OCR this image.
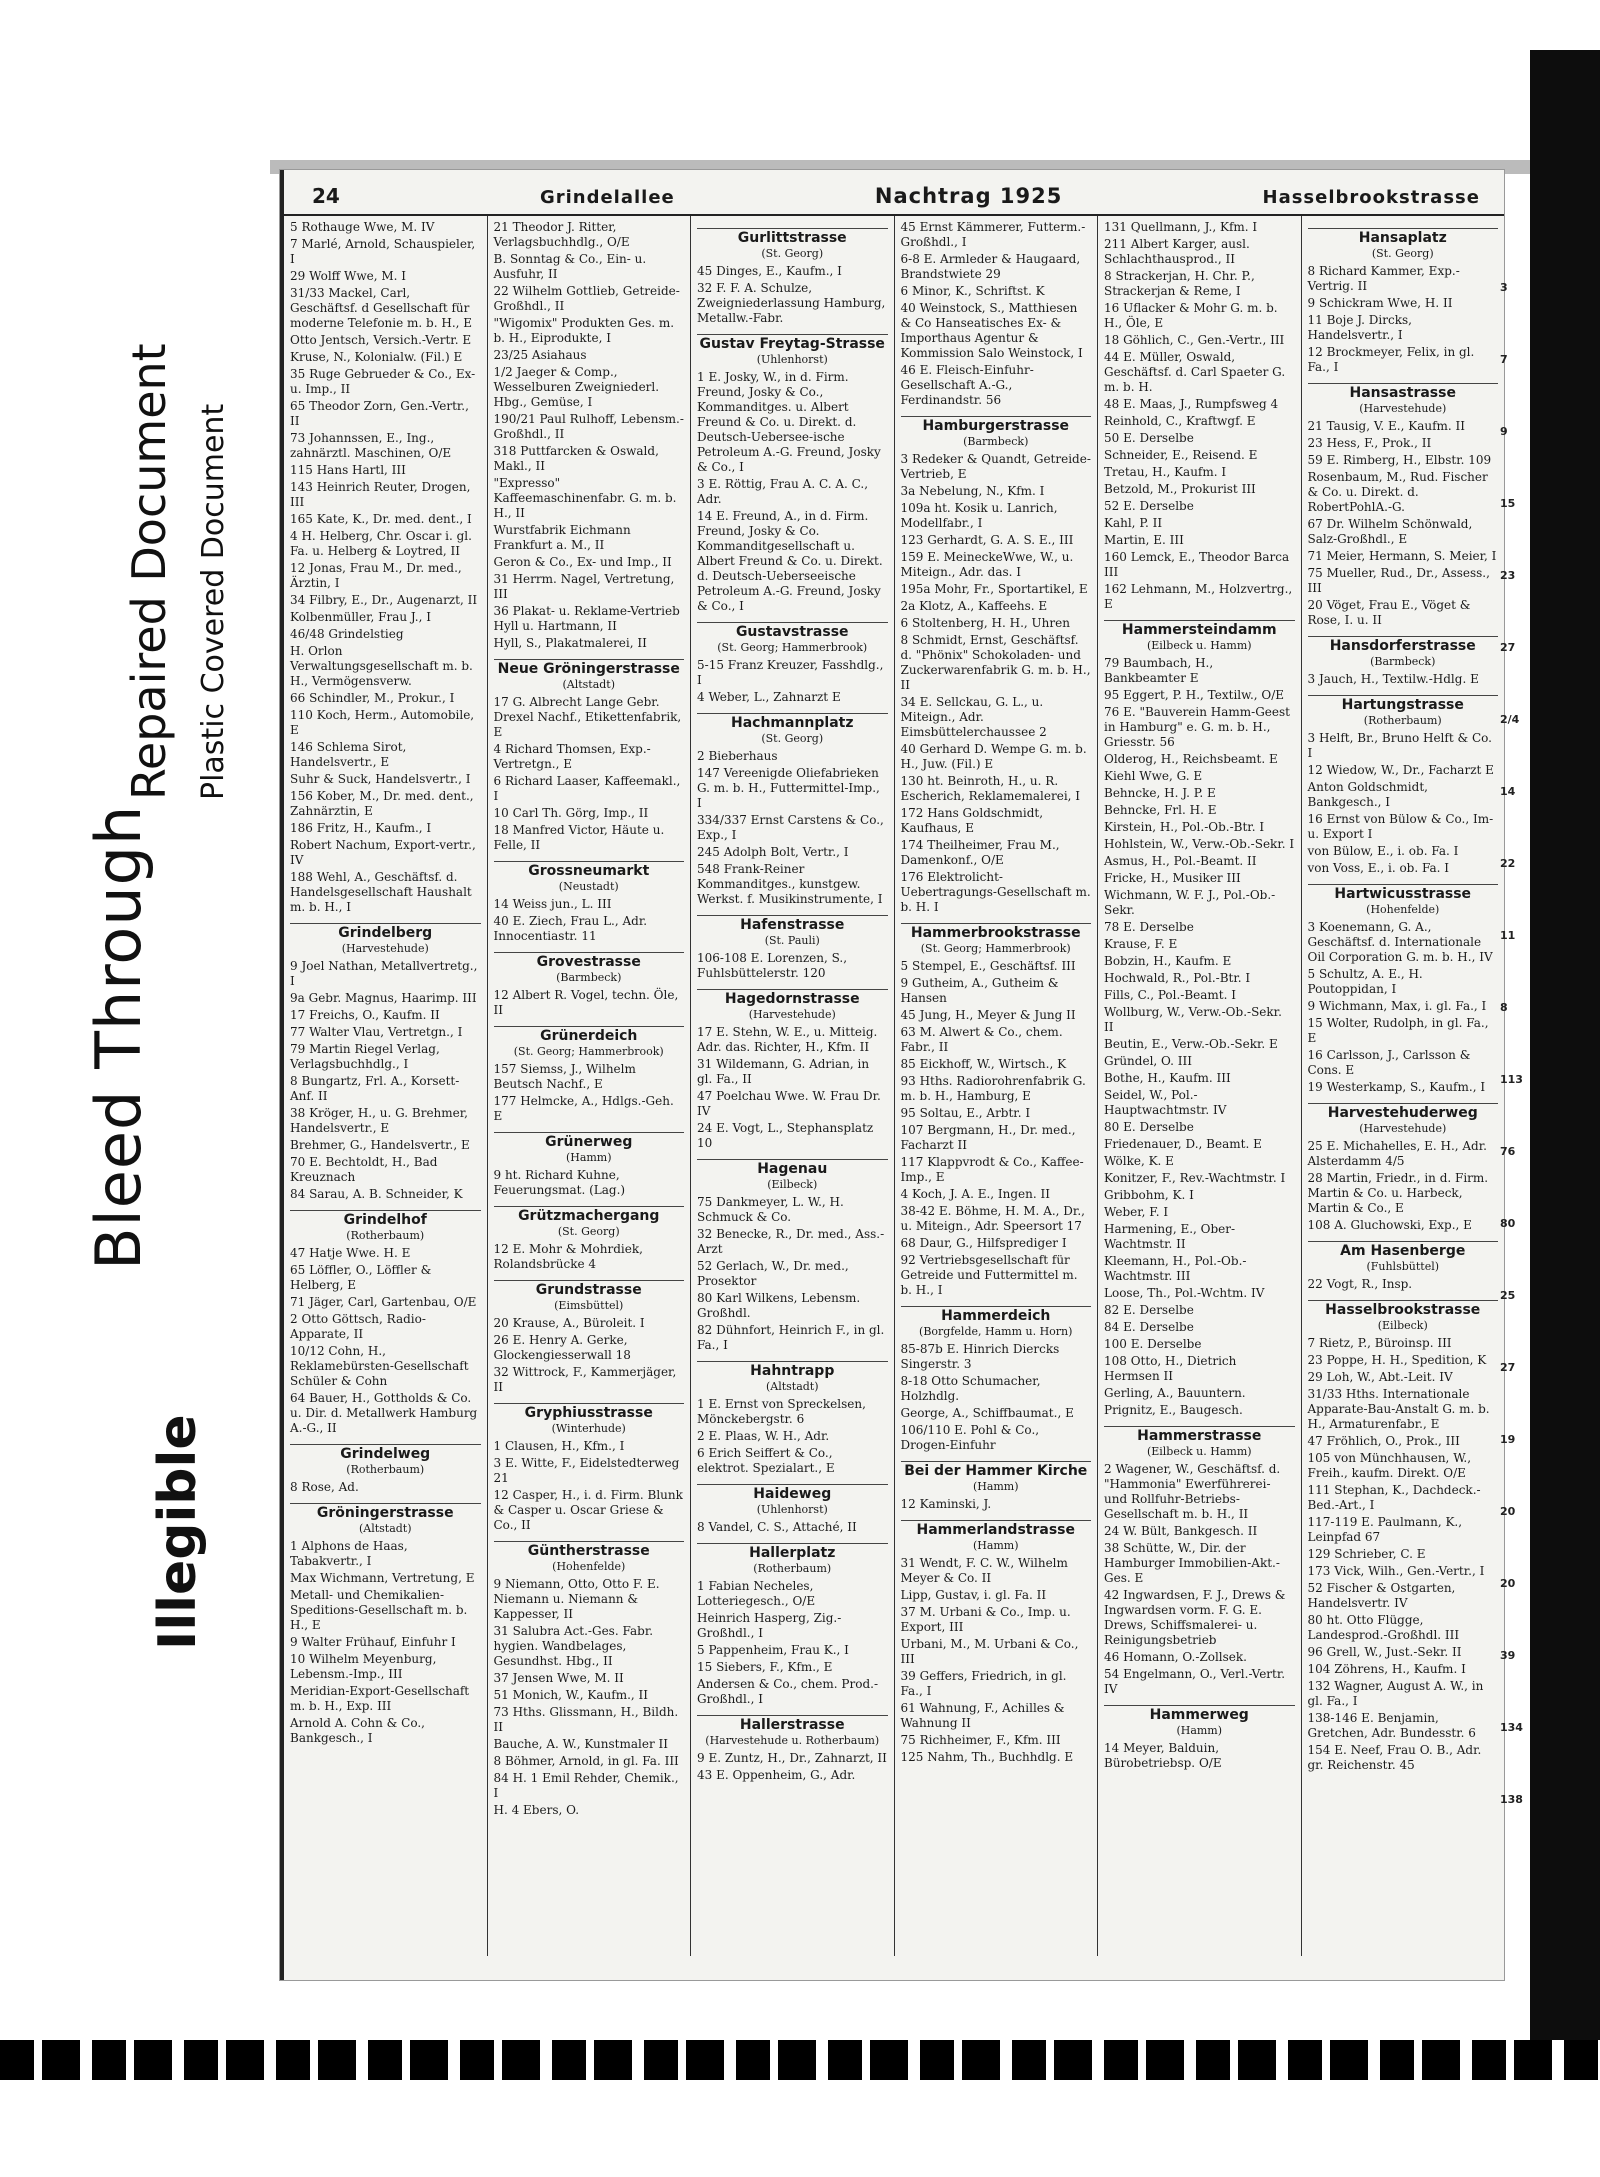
Bleed Through
Repaired Document Plastic Covered Document
Illegible
24	Grindelallee	Nachtrag 1925	Hasselbrookstrasse
5 Rothauge Wwe, M. IV
7 Marlé, Arnold, Schauspieler, I
29 Wolff Wwe, M. I
31/33 Mackel, Carl, Geschäftsf. d Gesellschaft für moderne Telefonie m. b. H., E
Otto Jentsch, Versich.-Vertr. E
Kruse, N., Kolonialw. (Fil.) E
35 Ruge Gebrueder & Co., Ex- u. Imp., II
65 Theodor Zorn, Gen.-Vertr., II
73 Johannssen, E., Ing., zahnärztl. Maschinen, O/E
115 Hans Hartl, III
143 Heinrich Reuter, Drogen, III
165 Kate, K., Dr. med. dent., I
4 H. Helberg, Chr. Oscar i. gl. Fa. u. Helberg & Loytred, II
12 Jonas, Frau M., Dr. med., Ärztin, I
34 Filbry, E., Dr., Augenarzt, II
Kolbenmüller, Frau J., I
46/48 Grindelstieg
H. Orlon Verwaltungsgesellschaft m. b. H., Vermögensverw.
66 Schindler, M., Prokur., I
110 Koch, Herm., Automobile, E
146 Schlema Sirot, Handelsvertr., E
Suhr & Suck, Handelsvertr., I
156 Kober, M., Dr. med. dent., Zahnärztin, E
186 Fritz, H., Kaufm., I
Robert Nachum, Export-vertr., IV
188 Wehl, A., Geschäftsf. d. Handelsgesellschaft Haushalt m. b. H., I
Grindelberg
(Harvestehude)
9 Joel Nathan, Metallvertretg., I
9a Gebr. Magnus, Haarimp. III
17 Freichs, O., Kaufm. II
77 Walter Vlau, Vertretgn., I
79 Martin Riegel Verlag, Verlagsbuchhdlg., I
8 Bungartz, Frl. A., Korsett-Anf. II
38 Kröger, H., u. G. Brehmer, Handelsvertr., E
Brehmer, G., Handelsvertr., E
70 E. Bechtoldt, H., Bad Kreuznach
84 Sarau, A. B. Schneider, K
Grindelhof
(Rotherbaum)
47 Hatje Wwe. H. E
65 Löffler, O., Löffler & Helberg, E
71 Jäger, Carl, Gartenbau, O/E
2 Otto Göttsch, Radio-Apparate, II
10/12 Cohn, H., Reklamebürsten-Gesellschaft Schüler & Cohn
64 Bauer, H., Gottholds & Co. u. Dir. d. Metallwerk Hamburg A.-G., II
Grindelweg
(Rotherbaum)
8 Rose, Ad.
Gröningerstrasse
(Altstadt)
1 Alphons de Haas, Tabakvertr., I
Max Wichmann, Vertretung, E
Metall- und Chemikalien-Speditions-Gesellschaft m. b. H., E
9 Walter Frühauf, Einfuhr I
10 Wilhelm Meyenburg, Lebensm.-Imp., III
Meridian-Export-Gesellschaft m. b. H., Exp. III
Arnold A. Cohn & Co., Bankgesch., I
21 Theodor J. Ritter, Verlagsbuchhdlg., O/E
B. Sonntag & Co., Ein- u. Ausfuhr, II
22 Wilhelm Gottlieb, Getreide-Großhdl., II
"Wigomix" Produkten Ges. m. b. H., Eiprodukte, I
23/25 Asiahaus
1/2 Jaeger & Comp., Wesselburen Zweigniederl. Hbg., Gemüse, I
190/21 Paul Rulhoff, Lebensm.-Großhdl., II
318 Puttfarcken & Oswald, Makl., II
"Expresso" Kaffeemaschinenfabr. G. m. b. H., II
Wurstfabrik Eichmann Frankfurt a. M., II
Geron & Co., Ex- und Imp., II
31 Herrm. Nagel, Vertretung, III
36 Plakat- u. Reklame-Vertrieb Hyll u. Hartmann, II
Hyll, S., Plakatmalerei, II
Neue Gröningerstrasse
(Altstadt)
17 G. Albrecht Lange Gebr. Drexel Nachf., Etikettenfabrik, E
4 Richard Thomsen, Exp.-Vertretgn., E
6 Richard Laaser, Kaffeemakl., I
10 Carl Th. Görg, Imp., II
18 Manfred Victor, Häute u. Felle, II
Grossneumarkt
(Neustadt)
14 Weiss jun., L. III
40 E. Ziech, Frau L., Adr. Innocentiastr. 11
Grovestrasse
(Barmbeck)
12 Albert R. Vogel, techn. Öle, II
Grünerdeich
(St. Georg; Hammerbrook)
157 Siemss, J., Wilhelm Beutsch Nachf., E
177 Helmcke, A., Hdlgs.-Geh. E
Grünerweg
(Hamm)
9 ht. Richard Kuhne, Feuerungsmat. (Lag.)
Grützmachergang
(St. Georg)
12 E. Mohr & Mohrdiek, Rolandsbrücke 4
Grundstrasse
(Eimsbüttel)
20 Krause, A., Büroleit. I
26 E. Henry A. Gerke, Glockengiesserwall 18
32 Wittrock, F., Kammerjäger, II
Gryphiusstrasse
(Winterhude)
1 Clausen, H., Kfm., I
3 E. Witte, F., Eidelstedterweg 21
12 Casper, H., i. d. Firm. Blunk & Casper u. Oscar Griese & Co., II
Güntherstrasse
(Hohenfelde)
9 Niemann, Otto, Otto F. E. Niemann u. Niemann & Kappesser, II
31 Salubra Act.-Ges. Fabr. hygien. Wandbelages, Gesundhst. Hbg., II
37 Jensen Wwe, M. II
51 Monich, W., Kaufm., II
73 Hths. Glissmann, H., Bildh. II
Bauche, A. W., Kunstmaler II
8 Böhmer, Arnold, in gl. Fa. III
84 H. 1 Emil Rehder, Chemik., I
H. 4 Ebers, O.
Gurlittstrasse
(St. Georg)
45 Dinges, E., Kaufm., I
32 F. F. A. Schulze, Zweigniederlassung Hamburg, Metallw.-Fabr.
Gustav Freytag-Strasse
(Uhlenhorst)
1 E. Josky, W., in d. Firm. Freund, Josky & Co., Kommanditges. u. Albert Freund & Co. u. Direkt. d. Deutsch-Uebersee-ische Petroleum A.-G. Freund, Josky & Co., I
3 E. Röttig, Frau A. C. A. C., Adr.
14 E. Freund, A., in d. Firm. Freund, Josky & Co. Kommanditgesellschaft u. Albert Freund & Co. u. Direkt. d. Deutsch-Ueberseeische Petroleum A.-G. Freund, Josky & Co., I
Gustavstrasse
(St. Georg; Hammerbrook)
5-15 Franz Kreuzer, Fasshdlg., I
4 Weber, L., Zahnarzt E
Hachmannplatz
(St. Georg)
2 Bieberhaus
147 Vereenigde Oliefabrieken G. m. b. H., Futtermittel-Imp., I
334/337 Ernst Carstens & Co., Exp., I
245 Adolph Bolt, Vertr., I
548 Frank-Reiner Kommanditges., kunstgew. Werkst. f. Musikinstrumente, I
Hafenstrasse
(St. Pauli)
106-108 E. Lorenzen, S., Fuhlsbüttelerstr. 120
Hagedornstrasse
(Harvestehude)
17 E. Stehn, W. E., u. Mitteig. Adr. das. Richter, H., Kfm. II
31 Wildemann, G. Adrian, in gl. Fa., II
47 Poelchau Wwe. W. Frau Dr. IV
24 E. Vogt, L., Stephansplatz 10
Hagenau
(Eilbeck)
75 Dankmeyer, L. W., H. Schmuck & Co.
32 Benecke, R., Dr. med., Ass.-Arzt
52 Gerlach, W., Dr. med., Prosektor
80 Karl Wilkens, Lebensm. Großhdl.
82 Dühnfort, Heinrich F., in gl. Fa., I
Hahntrapp
(Altstadt)
1 E. Ernst von Spreckelsen, Mönckebergstr. 6
2 E. Plaas, W. H., Adr.
6 Erich Seiffert & Co., elektrot. Spezialart., E
Haideweg
(Uhlenhorst)
8 Vandel, C. S., Attaché, II
Hallerplatz
(Rotherbaum)
1 Fabian Necheles, Lotteriegesch., O/E
Heinrich Hasperg, Zig.-Großhdl., I
5 Pappenheim, Frau K., I
15 Siebers, F., Kfm., E
Andersen & Co., chem. Prod.-Großhdl., I
Hallerstrasse
(Harvestehude u. Rotherbaum)
9 E. Zuntz, H., Dr., Zahnarzt, II
43 E. Oppenheim, G., Adr.
45 Ernst Kämmerer, Futterm.-Großhdl., I
6-8 E. Armleder & Haugaard, Brandstwiete 29
6 Minor, K., Schriftst. K
40 Weinstock, S., Matthiesen & Co Hanseatisches Ex- & Importhaus Agentur & Kommission Salo Weinstock, I
46 E. Fleisch-Einfuhr-Gesellschaft A.-G., Ferdinandstr. 56
Hamburgerstrasse
(Barmbeck)
3 Redeker & Quandt, Getreide-Vertrieb, E
3a Nebelung, N., Kfm. I
109a ht. Kosik u. Lanrich, Modellfabr., I
123 Gerhardt, G. A. S. E., III
159 E. MeineckeWwe, W., u. Miteign., Adr. das. I
195a Mohr, Fr., Sportartikel, E
2a Klotz, A., Kaffeehs. E
6 Stoltenberg, H. H., Uhren
8 Schmidt, Ernst, Geschäftsf. d. "Phönix" Schokoladen- und Zuckerwarenfabrik G. m. b. H., II
34 E. Sellckau, G. L., u. Miteign., Adr. Eimsbüttelerchaussee 2
40 Gerhard D. Wempe G. m. b. H., Juw. (Fil.) E
130 ht. Beinroth, H., u. R. Escherich, Reklamemalerei, I
172 Hans Goldschmidt, Kaufhaus, E
174 Theilheimer, Frau M., Damenkonf., O/E
176 Elektrolicht-Uebertragungs-Gesellschaft m. b. H. I
Hammerbrookstrasse
(St. Georg; Hammerbrook)
5 Stempel, E., Geschäftsf. III
9 Gutheim, A., Gutheim & Hansen
45 Jung, H., Meyer & Jung II
63 M. Alwert & Co., chem. Fabr., II
85 Eickhoff, W., Wirtsch., K
93 Hths. Radiorohrenfabrik G. m. b. H., Hamburg, E
95 Soltau, E., Arbtr. I
107 Bergmann, H., Dr. med., Facharzt II
117 Klappvrodt & Co., Kaffee-Imp., E
4 Koch, J. A. E., Ingen. II
38-42 E. Böhme, H. M. A., Dr., u. Miteign., Adr. Speersort 17
68 Daur, G., Hilfsprediger I
92 Vertriebsgesellschaft für Getreide und Futtermittel m. b. H., I
Hammerdeich
(Borgfelde, Hamm u. Horn)
85-87b E. Hinrich Diercks Singerstr. 3
8-18 Otto Schumacher, Holzhdlg.
George, A., Schiffbaumat., E
106/110 E. Pohl & Co., Drogen-Einfuhr
Bei der Hammer Kirche
(Hamm)
12 Kaminski, J.
Hammerlandstrasse
(Hamm)
31 Wendt, F. C. W., Wilhelm Meyer & Co. II
Lipp, Gustav, i. gl. Fa. II
37 M. Urbani & Co., Imp. u. Export, III
Urbani, M., M. Urbani & Co., III
39 Geffers, Friedrich, in gl. Fa., I
61 Wahnung, F., Achilles & Wahnung II
75 Richheimer, F., Kfm. III
125 Nahm, Th., Buchhdlg. E
131 Quellmann, J., Kfm. I
211 Albert Karger, ausl. Schlachthausprod., II
8 Strackerjan, H. Chr. P., Strackerjan & Reme, I
16 Uflacker & Mohr G. m. b. H., Öle, E
18 Göhlich, C., Gen.-Vertr., III
44 E. Müller, Oswald, Geschäftsf. d. Carl Spaeter G. m. b. H.
48 E. Maas, J., Rumpfsweg 4
Reinhold, C., Kraftwgf. E
50 E. Derselbe
Schneider, E., Reisend. E
Tretau, H., Kaufm. I
Betzold, M., Prokurist III
52 E. Derselbe
Kahl, P. II
Martin, E. III
160 Lemck, E., Theodor Barca III
162 Lehmann, M., Holzvertrg., E
Hammersteindamm
(Eilbeck u. Hamm)
79 Baumbach, H., Bankbeamter E
95 Eggert, P. H., Textilw., O/E
76 E. "Bauverein Hamm-Geest in Hamburg" e. G. m. b. H., Griesstr. 56
Olderog, H., Reichsbeamt. E
Kiehl Wwe, G. E
Behncke, H. J. P. E
Behncke, Frl. H. E
Kirstein, H., Pol.-Ob.-Btr. I
Hohlstein, W., Verw.-Ob.-Sekr. I
Asmus, H., Pol.-Beamt. II
Fricke, H., Musiker III
Wichmann, W. F. J., Pol.-Ob.-Sekr.
78 E. Derselbe
Krause, F. E
Bobzin, H., Kaufm. E
Hochwald, R., Pol.-Btr. I
Fills, C., Pol.-Beamt. I
Wollburg, W., Verw.-Ob.-Sekr. II
Beutin, E., Verw.-Ob.-Sekr. E
Gründel, O. III
Bothe, H., Kaufm. III
Seidel, W., Pol.-Hauptwachtmstr. IV
80 E. Derselbe
Friedenauer, D., Beamt. E
Wölke, K. E
Konitzer, F., Rev.-Wachtmstr. I
Gribbohm, K. I
Weber, F. I
Harmening, E., Ober-Wachtmstr. II
Kleemann, H., Pol.-Ob.-Wachtmstr. III
Loose, Th., Pol.-Wchtm. IV
82 E. Derselbe
84 E. Derselbe
100 E. Derselbe
108 Otto, H., Dietrich Hermsen II
Gerling, A., Bauuntern.
Prignitz, E., Baugesch.
Hammerstrasse
(Eilbeck u. Hamm)
2 Wagener, W., Geschäftsf. d. "Hammonia" Ewerführerei- und Rollfuhr-Betriebs-Gesellschaft m. b. H., II
24 W. Bült, Bankgesch. II
38 Schütte, W., Dir. der Hamburger Immobilien-Akt.-Ges. E
42 Ingwardsen, F. J., Drews & Ingwardsen vorm. F. G. E. Drews, Schiffsmalerei- u. Reinigungsbetrieb
46 Homann, O.-Zollsek.
54 Engelmann, O., Verl.-Vertr. IV
Hammerweg
(Hamm)
14 Meyer, Balduin, Bürobetriebsp. O/E
Hansaplatz
(St. Georg)
8 Richard Kammer, Exp.-Vertrig. II
9 Schickram Wwe, H. II
11 Boje J. Dircks, Handelsvertr., I
12 Brockmeyer, Felix, in gl. Fa., I
Hansastrasse
(Harvestehude)
21 Tausig, V. E., Kaufm. II
23 Hess, F., Prok., II
59 E. Rimberg, H., Elbstr. 109
Rosenbaum, M., Rud. Fischer & Co. u. Direkt. d. RobertPohlA.-G.
67 Dr. Wilhelm Schönwald, Salz-Großhdl., E
71 Meier, Hermann, S. Meier, I
75 Mueller, Rud., Dr., Assess., III
20 Vöget, Frau E., Vöget & Rose, I. u. II
Hansdorferstrasse
(Barmbeck)
3 Jauch, H., Textilw.-Hdlg. E
Hartungstrasse
(Rotherbaum)
3 Helft, Br., Bruno Helft & Co. I
12 Wiedow, W., Dr., Facharzt E
Anton Goldschmidt, Bankgesch., I
16 Ernst von Bülow & Co., Im- u. Export I
von Bülow, E., i. ob. Fa. I
von Voss, E., i. ob. Fa. I
Hartwicusstrasse
(Hohenfelde)
3 Koenemann, G. A., Geschäftsf. d. Internationale Oil Corporation G. m. b. H., IV
5 Schultz, A. E., H. Poutoppidan, I
9 Wichmann, Max, i. gl. Fa., I
15 Wolter, Rudolph, in gl. Fa., E
16 Carlsson, J., Carlsson & Cons. E
19 Westerkamp, S., Kaufm., I
Harvestehuderweg
(Harvestehude)
25 E. Michahelles, E. H., Adr. Alsterdamm 4/5
28 Martin, Friedr., in d. Firm. Martin & Co. u. Harbeck, Martin & Co., E
108 A. Gluchowski, Exp., E
Am Hasenberge
(Fuhlsbüttel)
22 Vogt, R., Insp.
Hasselbrookstrasse
(Eilbeck)
7 Rietz, P., Büroinsp. III
23 Poppe, H. H., Spedition, K
29 Loh, W., Abt.-Leit. IV
31/33 Hths. Internationale Apparate-Bau-Anstalt G. m. b. H., Armaturenfabr., E
47 Fröhlich, O., Prok., III
105 von Münchhausen, W., Freih., kaufm. Direkt. O/E
111 Stephan, K., Dachdeck.-Bed.-Art., I
117-119 E. Paulmann, K., Leinpfad 67
129 Schrieber, C. E
173 Vick, Wilh., Gen.-Vertr., I
52 Fischer & Ostgarten, Handelsvertr. IV
80 ht. Otto Flügge, Landesprod.-Großhdl. III
96 Grell, W., Just.-Sekr. II
104 Zöhrens, H., Kaufm. I
132 Wagner, August A. W., in gl. Fa., I
138-146 E. Benjamin, Gretchen, Adr. Bundesstr. 6
154 E. Neef, Frau O. B., Adr. gr. Reichenstr. 45
3
7
9
15
23
27
2/4
14
22
11
8
113
76
80
25
27
19
20
20
39
134
138
